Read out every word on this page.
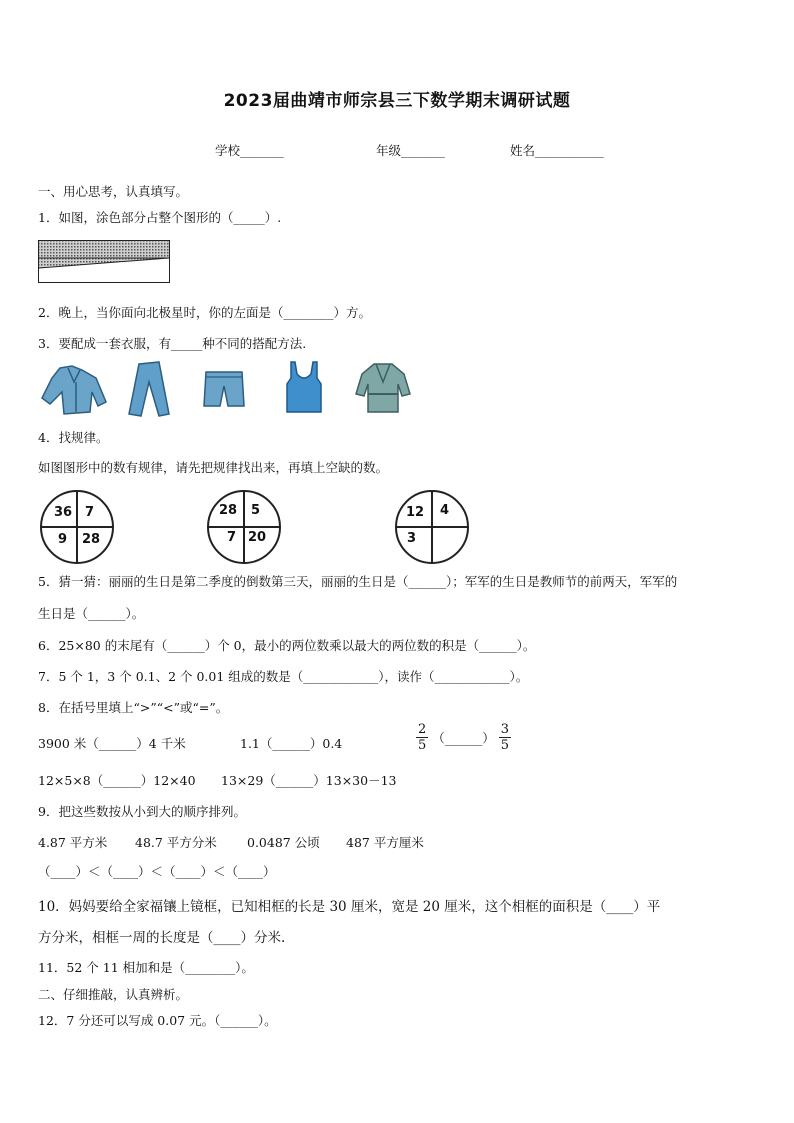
2023届曲靖市师宗县三下数学期末调研试题
学校_______	年级_______	姓名___________
一、用心思考，认真填写。
1．如图，涂色部分占整个图形的（_____）.
2．晚上，当你面向北极星时，你的左面是（________）方。
3．要配成一套衣服，有_____种不同的搭配方法.
4．找规律。
如图图形中的数有规律，请先把规律找出来，再填上空缺的数。
36 7
9 28
28 5
7 20
12 4
3
5．猜一猜：丽丽的生日是第二季度的倒数第三天，丽丽的生日是（______）；军军的生日是教师节的前两天，军军的
生日是（______）。
6．25×80 的末尾有（______）个 0，最小的两位数乘以最大的两位数的积是（______）。
7．5 个 1，3 个 0.1、2 个 0.01 组成的数是（____________），读作（____________）。
8．在括号里填上“>”“<”或“=”。
3900 米（______）4 千米	1.1（______）0.4	$\frac{2}{5}$ （______） $\frac{3}{5}$
12×5×8（______）12×40 13×29（______）13×30－13
9．把这些数按从小到大的顺序排列。
4.87 平方米 48.7 平方分米 0.0487 公顷 487 平方厘米
（____）＜（____）＜（____）＜（____）
10．妈妈要给全家福镶上镜框，已知相框的长是 30 厘米，宽是 20 厘米，这个相框的面积是（____）平
方分米，相框一周的长度是（____）分米.
11．52 个 11 相加和是（________）。
二、仔细推敲，认真辨析。
12．7 分还可以写成 0.07 元。（______）。
